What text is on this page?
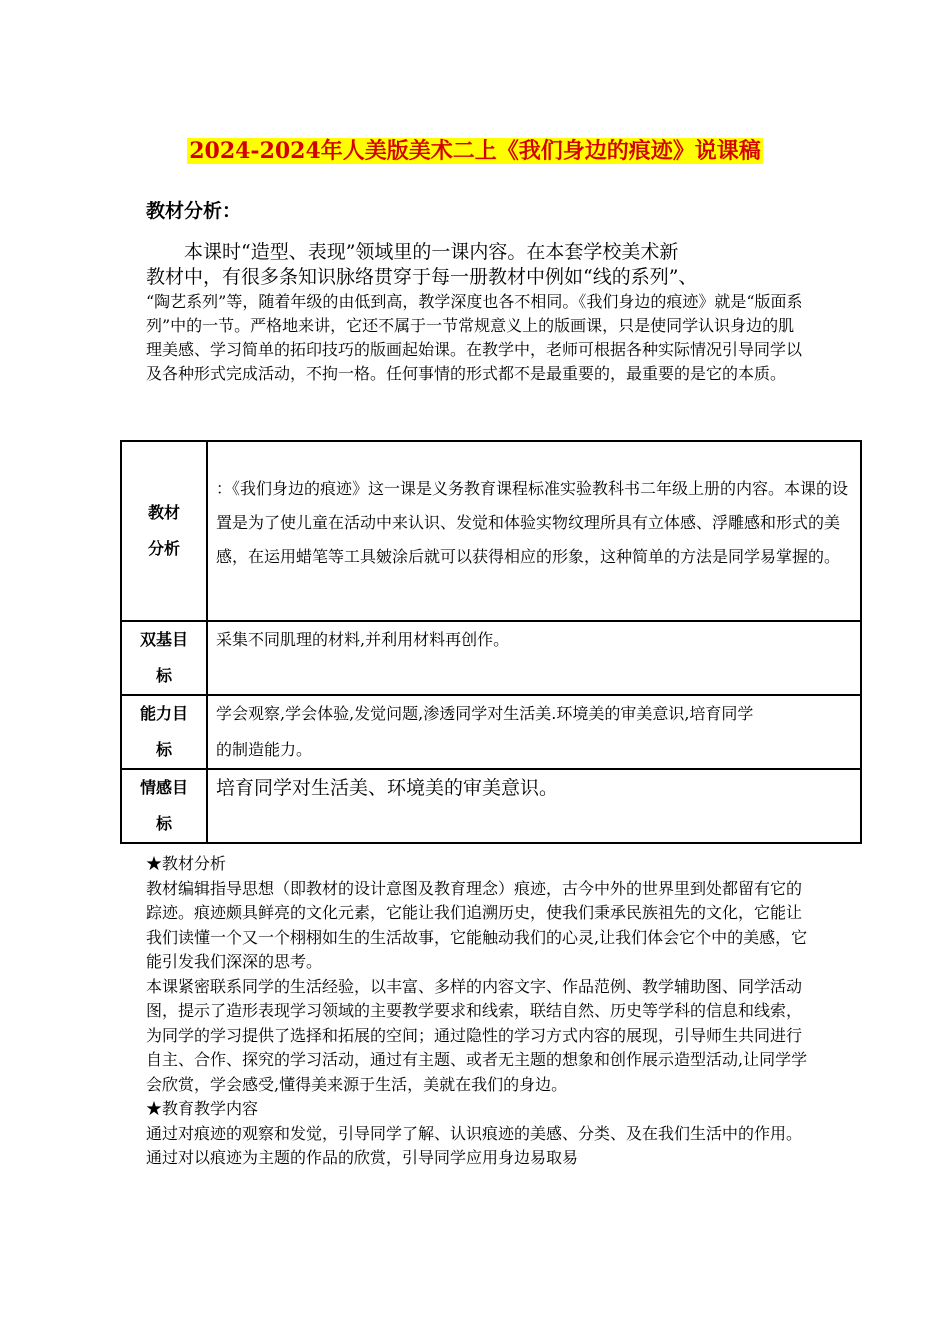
2024-2024年人美版美术二上《我们身边的痕迹》说课稿
教材分析：

本课时“造型、表现”领域里的一课内容。在本套学校美术新

教材中，有很多条知识脉络贯穿于每一册教材中例如“线的系列”、

“陶艺系列”等，随着年级的由低到高，教学深度也各不相同。《我们身边的痕迹》就是“版面系列”中的一节。严格地来讲，它还不属于一节常规意义上的版画课，只是使同学认识身边的肌理美感、学习简单的拓印技巧的版画起始课。在教学中，老师可根据各种实际情况引导同学以及各种形式完成活动，不拘一格。任何事情的形式都不是最重要的，最重要的是它的本质。

教材
分析	：《我们身边的痕迹》这一课是义务教育课程标准实验教科书二年级上册的内容。本课的设置是为了使儿童在活动中来认识、发觉和体验实物纹理所具有立体感、浮雕感和形式的美感，在运用蜡笔等工具皴涂后就可以获得相应的形象，这种简单的方法是同学易掌握的。

双基目
标	采集不同肌理的材料,并利用材料再创作。

能力目
标	学会观察,学会体验,发觉问题,渗透同学对生活美.环境美的审美意识,培育同学的制造能力。

情感目
标	培育同学对生活美、环境美的审美意识。

★教材分析

教材编辑指导思想（即教材的设计意图及教育理念）痕迹，古今中外的世界里到处都留有它的踪迹。痕迹颇具鲜亮的文化元素，它能让我们追溯历史，使我们秉承民族祖先的文化，它能让我们读懂一个又一个栩栩如生的生活故事，它能触动我们的心灵,让我们体会它个中的美感，它能引发我们深深的思考。

本课紧密联系同学的生活经验，以丰富、多样的内容文字、作品范例、教学辅助图、同学活动图，提示了造形表现学习领域的主要教学要求和线索，联结自然、历史等学科的信息和线索，为同学的学习提供了选择和拓展的空间；通过隐性的学习方式内容的展现，引导师生共同进行自主、合作、探究的学习活动，通过有主题、或者无主题的想象和创作展示造型活动,让同学学会欣赏，学会感受,懂得美来源于生活，美就在我们的身边。

★教育教学内容

通过对痕迹的观察和发觉，引导同学了解、认识痕迹的美感、分类、及在我们生活中的作用。通过对以痕迹为主题的作品的欣赏，引导同学应用身边易取易
